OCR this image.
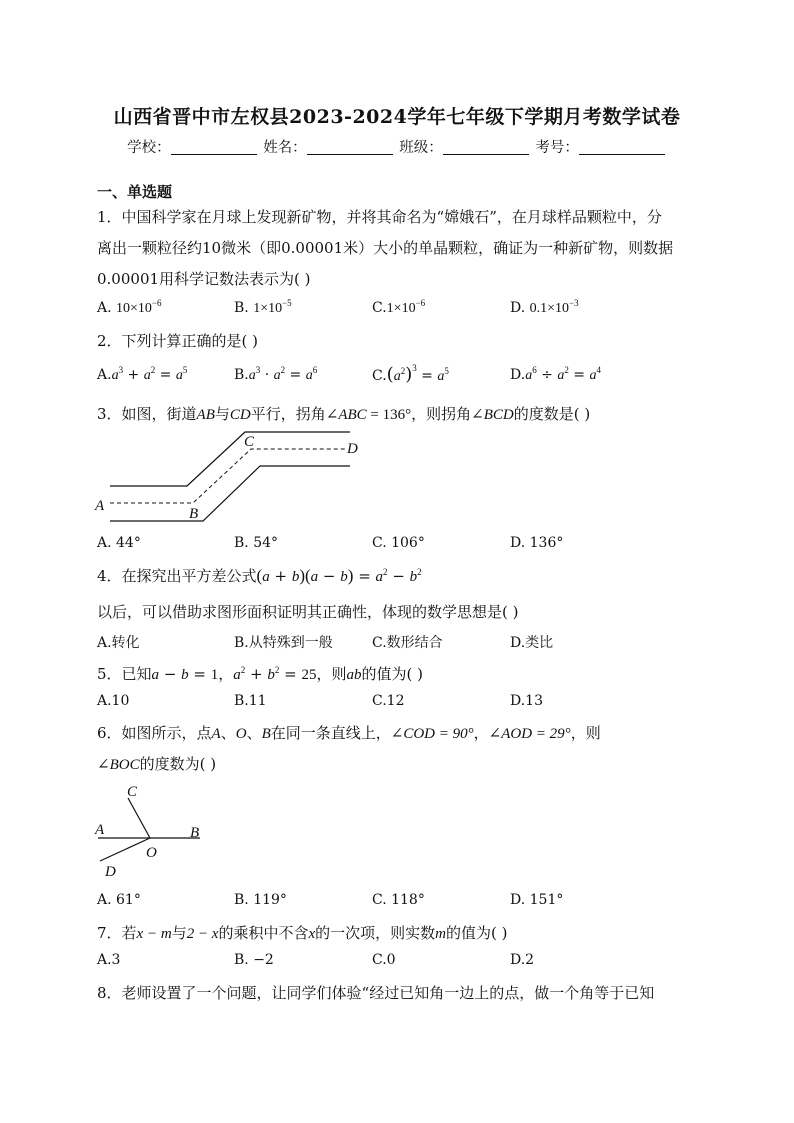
山西省晋中市左权县2023-2024学年七年级下学期月考数学试卷
学校：	姓名：	班级：	考号：
一、单选题
1．中国科学家在月球上发现新矿物，并将其命名为“嫦娥石”，在月球样品颗粒中，分
离出一颗粒径约10微米（即0.00001米）大小的单晶颗粒，确证为一种新矿物，则数据
0.00001用科学记数法表示为( )
A. $10\times 10^{-6}$	B. $1\times 10^{-5}$	$C.1\times 10^{-6}$	D. $0.1\times 10^{-3}$
2．下列计算正确的是( )
$A.a^3 + a^2 = a^5$	$B.a^3 \cdot a^2 = a^6$	$C.(a^2)^3 = a^5$	$D.a^6 \div a^2 = a^4$
3．如图，街道AB与CD平行，拐角∠ABC = 136°，则拐角∠BCD的度数是( )
A	B
C	D
A. 44°	B. 54°	C. 106°	D. 136°
4．在探究出平方差公式$(a + b)(a - b) = a^2 - b^2$
以后，可以借助求图形面积证明其正确性，体现的数学思想是( )
A.转化	B.从特殊到一般	C.数形结合	D.类比
5．已知a − b = 1，$a^2 + b^2 = 25$，则ab的值为( )
A.10	B.11	C.12	D.13
6．如图所示，点A、O、B在同一条直线上，∠COD = 90°，∠AOD = 29°，则
∠BOC的度数为( )
C
A	B
O
D
A. 61°	B. 119°	C. 118°	D. 151°
7．若x − m与2 − x的乘积中不含x的一次项，则实数m的值为( )
A.3	B. −2	C.0	D.2
8．老师设置了一个问题，让同学们体验“经过已知角一边上的点，做一个角等于已知
